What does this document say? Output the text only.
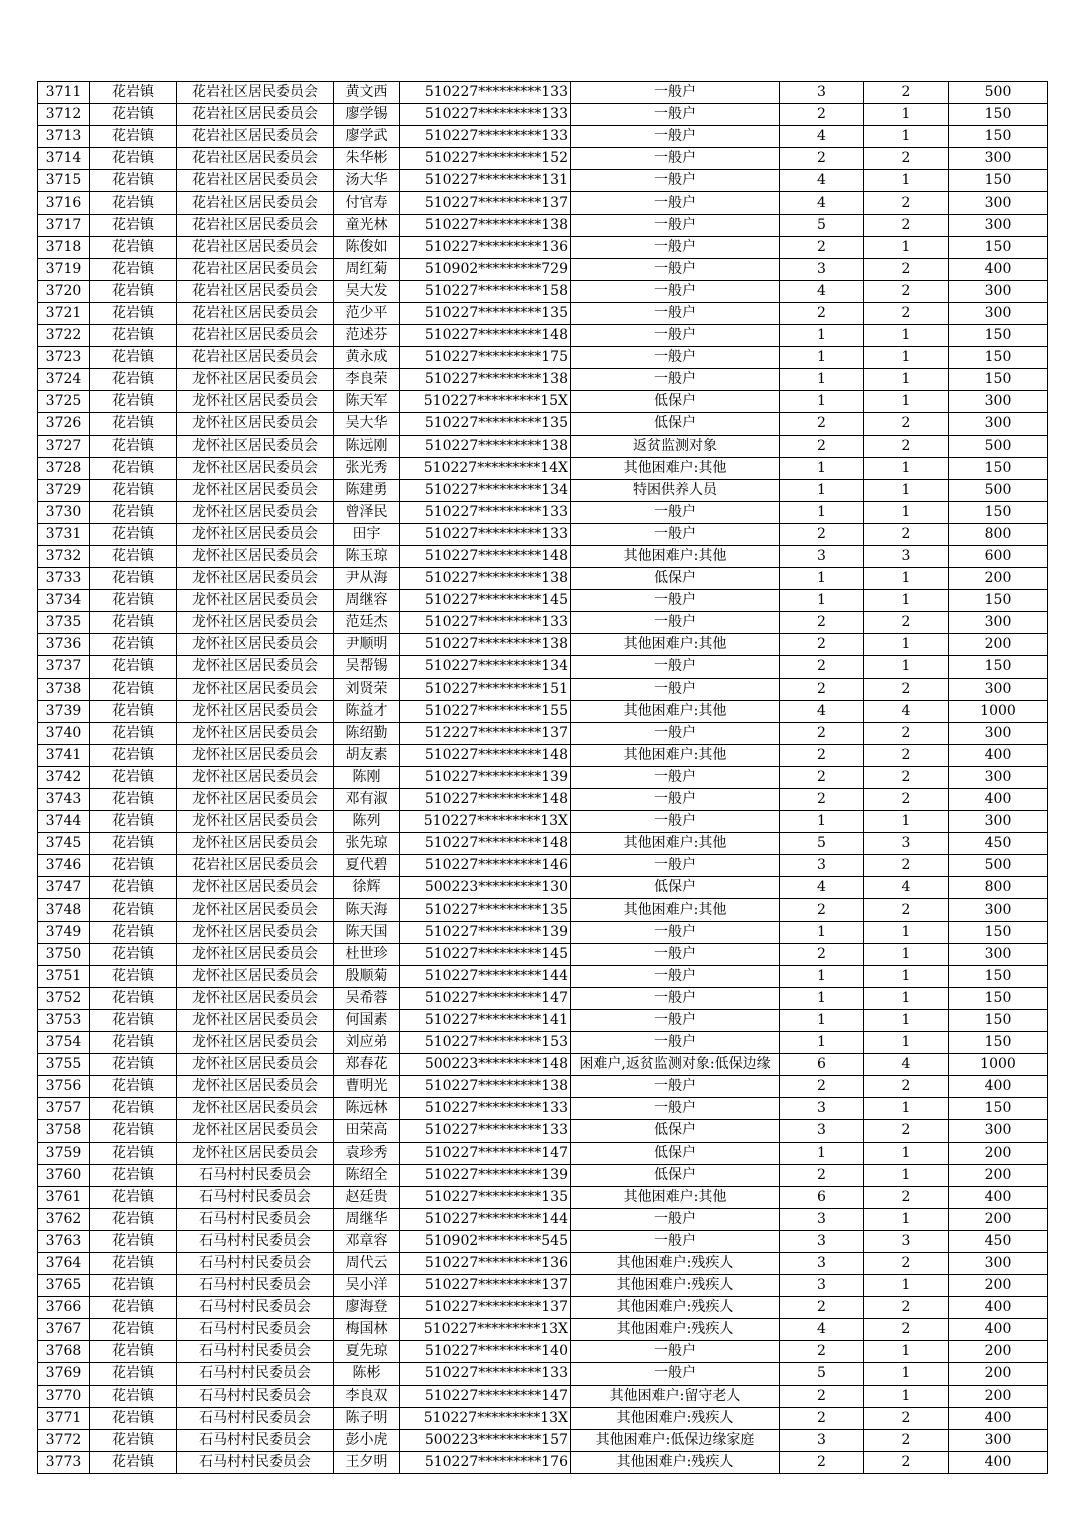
3711	花岩镇	花岩社区居民委员会	黄文西	510227*********133	一般户	3	2	500
3712	花岩镇	花岩社区居民委员会	廖学锡	510227*********133	一般户	2	1	150
3713	花岩镇	花岩社区居民委员会	廖学武	510227*********133	一般户	4	1	150
3714	花岩镇	花岩社区居民委员会	朱华彬	510227*********152	一般户	2	2	300
3715	花岩镇	花岩社区居民委员会	汤大华	510227*********131	一般户	4	1	150
3716	花岩镇	花岩社区居民委员会	付官寿	510227*********137	一般户	4	2	300
3717	花岩镇	花岩社区居民委员会	童光林	510227*********138	一般户	5	2	300
3718	花岩镇	花岩社区居民委员会	陈俊如	510227*********136	一般户	2	1	150
3719	花岩镇	花岩社区居民委员会	周红菊	510902*********729	一般户	3	2	400
3720	花岩镇	花岩社区居民委员会	吴大发	510227*********158	一般户	4	2	300
3721	花岩镇	花岩社区居民委员会	范少平	510227*********135	一般户	2	2	300
3722	花岩镇	花岩社区居民委员会	范述芬	510227*********148	一般户	1	1	150
3723	花岩镇	花岩社区居民委员会	黄永成	510227*********175	一般户	1	1	150
3724	花岩镇	龙怀社区居民委员会	李良荣	510227*********138	一般户	1	1	150
3725	花岩镇	龙怀社区居民委员会	陈天军	510227*********15X	低保户	1	1	300
3726	花岩镇	龙怀社区居民委员会	吴大华	510227*********135	低保户	2	2	300
3727	花岩镇	龙怀社区居民委员会	陈远刚	510227*********138	返贫监测对象	2	2	500
3728	花岩镇	龙怀社区居民委员会	张光秀	510227*********14X	其他困难户:其他	1	1	150
3729	花岩镇	龙怀社区居民委员会	陈建勇	510227*********134	特困供养人员	1	1	500
3730	花岩镇	龙怀社区居民委员会	曾泽民	510227*********133	一般户	1	1	150
3731	花岩镇	龙怀社区居民委员会	田宇	510227*********133	一般户	2	2	800
3732	花岩镇	龙怀社区居民委员会	陈玉琼	510227*********148	其他困难户:其他	3	3	600
3733	花岩镇	龙怀社区居民委员会	尹从海	510227*********138	低保户	1	1	200
3734	花岩镇	龙怀社区居民委员会	周继容	510227*********145	一般户	1	1	150
3735	花岩镇	龙怀社区居民委员会	范廷杰	510227*********133	一般户	2	2	300
3736	花岩镇	龙怀社区居民委员会	尹顺明	510227*********138	其他困难户:其他	2	1	200
3737	花岩镇	龙怀社区居民委员会	吴帮锡	510227*********134	一般户	2	1	150
3738	花岩镇	龙怀社区居民委员会	刘贤荣	510227*********151	一般户	2	2	300
3739	花岩镇	龙怀社区居民委员会	陈益才	510227*********155	其他困难户:其他	4	4	1000
3740	花岩镇	龙怀社区居民委员会	陈绍勤	512227*********137	一般户	2	2	300
3741	花岩镇	龙怀社区居民委员会	胡友素	510227*********148	其他困难户:其他	2	2	400
3742	花岩镇	龙怀社区居民委员会	陈刚	510227*********139	一般户	2	2	300
3743	花岩镇	龙怀社区居民委员会	邓有淑	510227*********148	一般户	2	2	400
3744	花岩镇	龙怀社区居民委员会	陈列	510227*********13X	一般户	1	1	300
3745	花岩镇	龙怀社区居民委员会	张先琼	510227*********148	其他困难户:其他	5	3	450
3746	花岩镇	花岩社区居民委员会	夏代碧	510227*********146	一般户	3	2	500
3747	花岩镇	龙怀社区居民委员会	徐辉	500223*********130	低保户	4	4	800
3748	花岩镇	龙怀社区居民委员会	陈天海	510227*********135	其他困难户:其他	2	2	300
3749	花岩镇	龙怀社区居民委员会	陈天国	510227*********139	一般户	1	1	150
3750	花岩镇	龙怀社区居民委员会	杜世珍	510227*********145	一般户	2	1	300
3751	花岩镇	龙怀社区居民委员会	殷顺菊	510227*********144	一般户	1	1	150
3752	花岩镇	龙怀社区居民委员会	吴希蓉	510227*********147	一般户	1	1	150
3753	花岩镇	龙怀社区居民委员会	何国素	510227*********141	一般户	1	1	150
3754	花岩镇	龙怀社区居民委员会	刘应弟	510227*********153	一般户	1	1	150
3755	花岩镇	龙怀社区居民委员会	郑春花	500223*********148	困难户,返贫监测对象:低保边缘	6	4	1000
3756	花岩镇	龙怀社区居民委员会	曹明光	510227*********138	一般户	2	2	400
3757	花岩镇	龙怀社区居民委员会	陈远林	510227*********133	一般户	3	1	150
3758	花岩镇	龙怀社区居民委员会	田荣高	510227*********133	低保户	3	2	300
3759	花岩镇	龙怀社区居民委员会	袁珍秀	510227*********147	低保户	1	1	200
3760	花岩镇	石马村村民委员会	陈绍全	510227*********139	低保户	2	1	200
3761	花岩镇	石马村村民委员会	赵廷贵	510227*********135	其他困难户:其他	6	2	400
3762	花岩镇	石马村村民委员会	周继华	510227*********144	一般户	3	1	200
3763	花岩镇	石马村村民委员会	邓章容	510902*********545	一般户	3	3	450
3764	花岩镇	石马村村民委员会	周代云	510227*********136	其他困难户:残疾人	3	2	300
3765	花岩镇	石马村村民委员会	吴小洋	510227*********137	其他困难户:残疾人	3	1	200
3766	花岩镇	石马村村民委员会	廖海登	510227*********137	其他困难户:残疾人	2	2	400
3767	花岩镇	石马村村民委员会	梅国林	510227*********13X	其他困难户:残疾人	4	2	400
3768	花岩镇	石马村村民委员会	夏先琼	510227*********140	一般户	2	1	200
3769	花岩镇	石马村村民委员会	陈彬	510227*********133	一般户	5	1	200
3770	花岩镇	石马村村民委员会	李良双	510227*********147	其他困难户:留守老人	2	1	200
3771	花岩镇	石马村村民委员会	陈子明	510227*********13X	其他困难户:残疾人	2	2	400
3772	花岩镇	石马村村民委员会	彭小虎	500223*********157	其他困难户:低保边缘家庭	3	2	300
3773	花岩镇	石马村村民委员会	王夕明	510227*********176	其他困难户:残疾人	2	2	400
